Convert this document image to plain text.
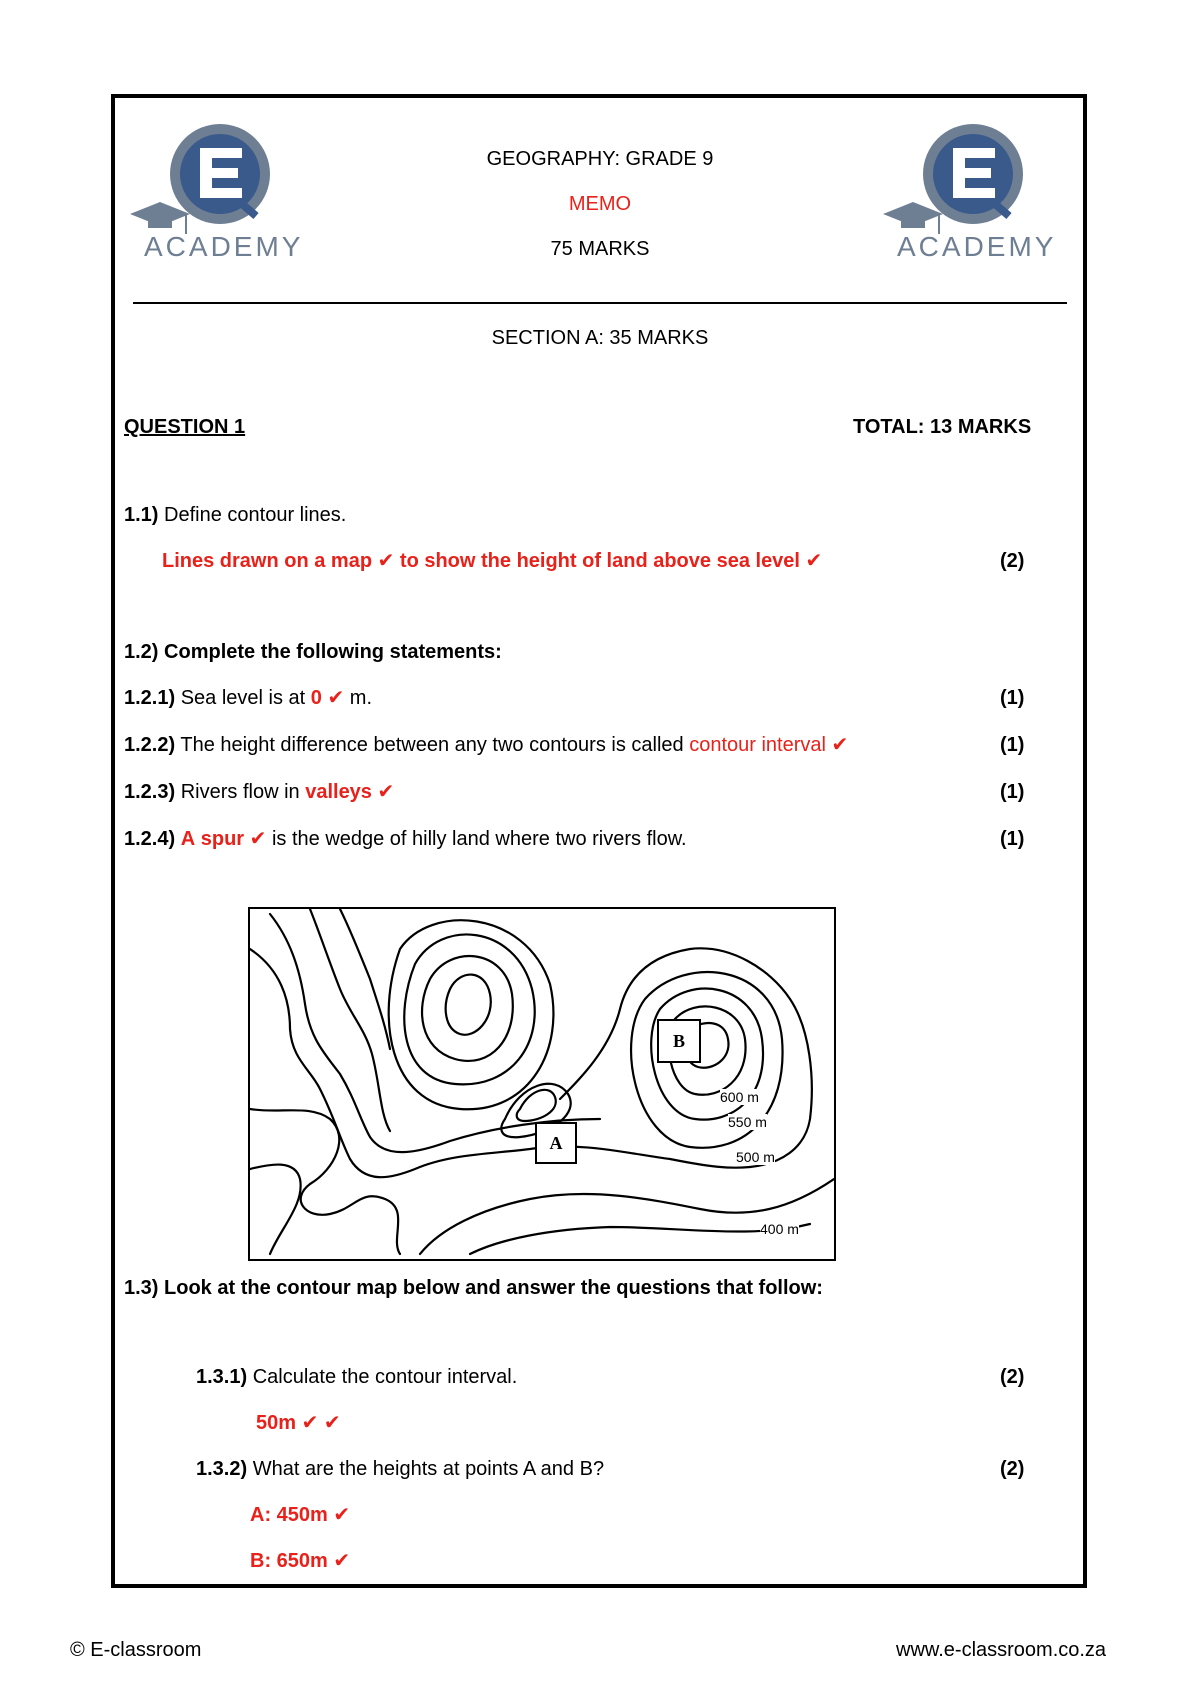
ACADEMY	ACADEMY
GEOGRAPHY: GRADE 9
MEMO
75 MARKS
SECTION A: 35 MARKS
QUESTION 1	TOTAL: 13 MARKS
1.1) Define contour lines.
Lines drawn on a map ✔ to show the height of land above sea level ✔	(2)
1.2) Complete the following statements:
1.2.1) Sea level is at 0 ✔ m.	(1)
1.2.2) The height difference between any two contours is called contour interval ✔	(1)
1.2.3) Rivers flow in valleys ✔	(1)
1.2.4) A spur ✔ is the wedge of hilly land where two rivers flow.	(1)
A
B
600 m
550 m
500 m
400 m
1.3) Look at the contour map below and answer the questions that follow:
1.3.1) Calculate the contour interval.	(2)
50m ✔ ✔
1.3.2) What are the heights at points A and B?	(2)
A: 450m ✔
B: 650m ✔
© E-classroom	www.e-classroom.co.za
